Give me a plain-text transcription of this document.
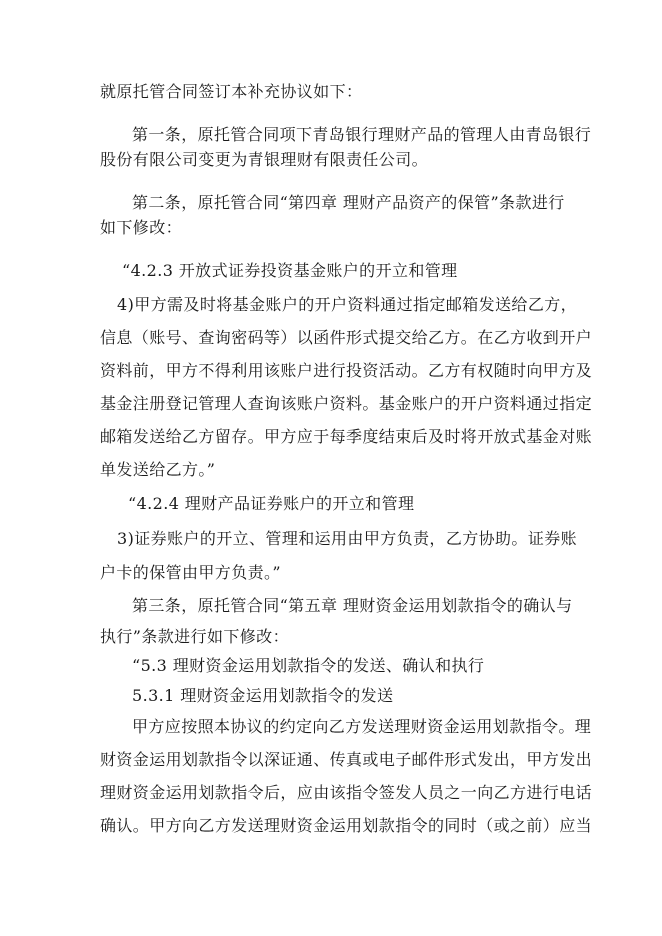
就原托管合同签订本补充协议如下：
第一条，原托管合同项下青岛银行理财产品的管理人由青岛银行
股份有限公司变更为青银理财有限责任公司。
第二条，原托管合同“第四章 理财产品资产的保管”条款进行
如下修改：
“4.2.3 开放式证券投资基金账户的开立和管理
4)甲方需及时将基金账户的开户资料通过指定邮箱发送给乙方，
信息（账号、查询密码等）以函件形式提交给乙方。在乙方收到开户
资料前，甲方不得利用该账户进行投资活动。乙方有权随时向甲方及
基金注册登记管理人查询该账户资料。基金账户的开户资料通过指定
邮箱发送给乙方留存。甲方应于每季度结束后及时将开放式基金对账
单发送给乙方。”
“4.2.4 理财产品证券账户的开立和管理
3)证券账户的开立、管理和运用由甲方负责，乙方协助。证券账
户卡的保管由甲方负责。”
第三条，原托管合同“第五章 理财资金运用划款指令的确认与
执行”条款进行如下修改：
“5.3 理财资金运用划款指令的发送、确认和执行
5.3.1 理财资金运用划款指令的发送
甲方应按照本协议的约定向乙方发送理财资金运用划款指令。理
财资金运用划款指令以深证通、传真或电子邮件形式发出，甲方发出
理财资金运用划款指令后，应由该指令签发人员之一向乙方进行电话
确认。甲方向乙方发送理财资金运用划款指令的同时（或之前）应当
